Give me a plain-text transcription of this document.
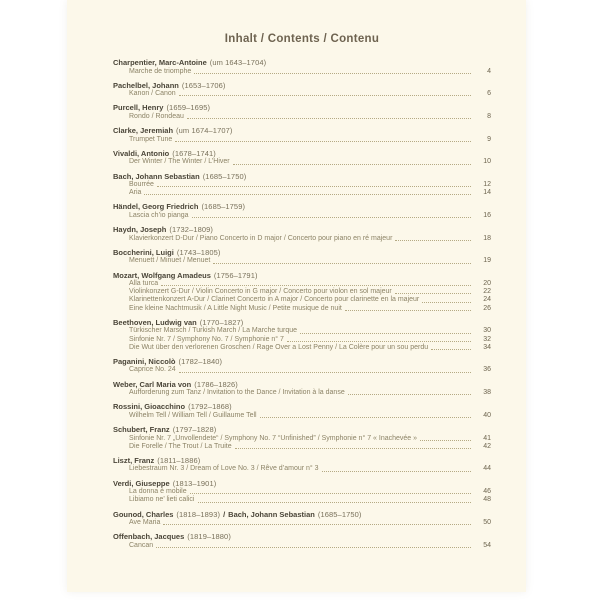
Inhalt / Contents / Contenu
Charpentier, Marc-Antoine (um 1643–1704)
Marche de triomphe	4
Pachelbel, Johann (1653–1706)
Kanon / Canon	6
Purcell, Henry (1659–1695)
Rondo / Rondeau	8
Clarke, Jeremiah (um 1674–1707)
Trumpet Tune	9
Vivaldi, Antonio (1678–1741)
Der Winter / The Winter / L’Hiver	10
Bach, Johann Sebastian (1685–1750)
Bourrée	12
Aria	14
Händel, Georg Friedrich (1685–1759)
Lascia ch’io pianga	16
Haydn, Joseph (1732–1809)
Klavierkonzert D-Dur / Piano Concerto in D major / Concerto pour piano en ré majeur	18
Boccherini, Luigi (1743–1805)
Menuett / Minuet / Menuet	19
Mozart, Wolfgang Amadeus (1756–1791)
Alla turca	20
Violinkonzert G-Dur / Violin Concerto in G major / Concerto pour violon en sol majeur	22
Klarinettenkonzert A-Dur / Clarinet Concerto in A major / Concerto pour clarinette en la majeur	24
Eine kleine Nachtmusik / A Little Night Music / Petite musique de nuit	26
Beethoven, Ludwig van (1770–1827)
Türkischer Marsch / Turkish March / La Marche turque	30
Sinfonie Nr. 7 / Symphony No. 7 / Symphonie n° 7	32
Die Wut über den verlorenen Groschen / Rage Over a Lost Penny / La Colère pour un sou perdu	34
Paganini, Niccolò (1782–1840)
Caprice No. 24	36
Weber, Carl Maria von (1786–1826)
Aufforderung zum Tanz / Invitation to the Dance / Invitation à la danse	38
Rossini, Gioacchino (1792–1868)
Wilhelm Tell / William Tell / Guillaume Tell	40
Schubert, Franz (1797–1828)
Sinfonie Nr. 7 „Unvollendete“ / Symphony No. 7 “Unfinished” / Symphonie n° 7 « Inachevée »	41
Die Forelle / The Trout / La Truite	42
Liszt, Franz (1811–1886)
Liebestraum Nr. 3 / Dream of Love No. 3 / Rêve d’amour n° 3	44
Verdi, Giuseppe (1813–1901)
La donna è mobile	46
Libiamo ne’ lieti calici	48
Gounod, Charles (1818–1893) / Bach, Johann Sebastian (1685–1750)
Ave Maria	50
Offenbach, Jacques (1819–1880)
Cancan	54
